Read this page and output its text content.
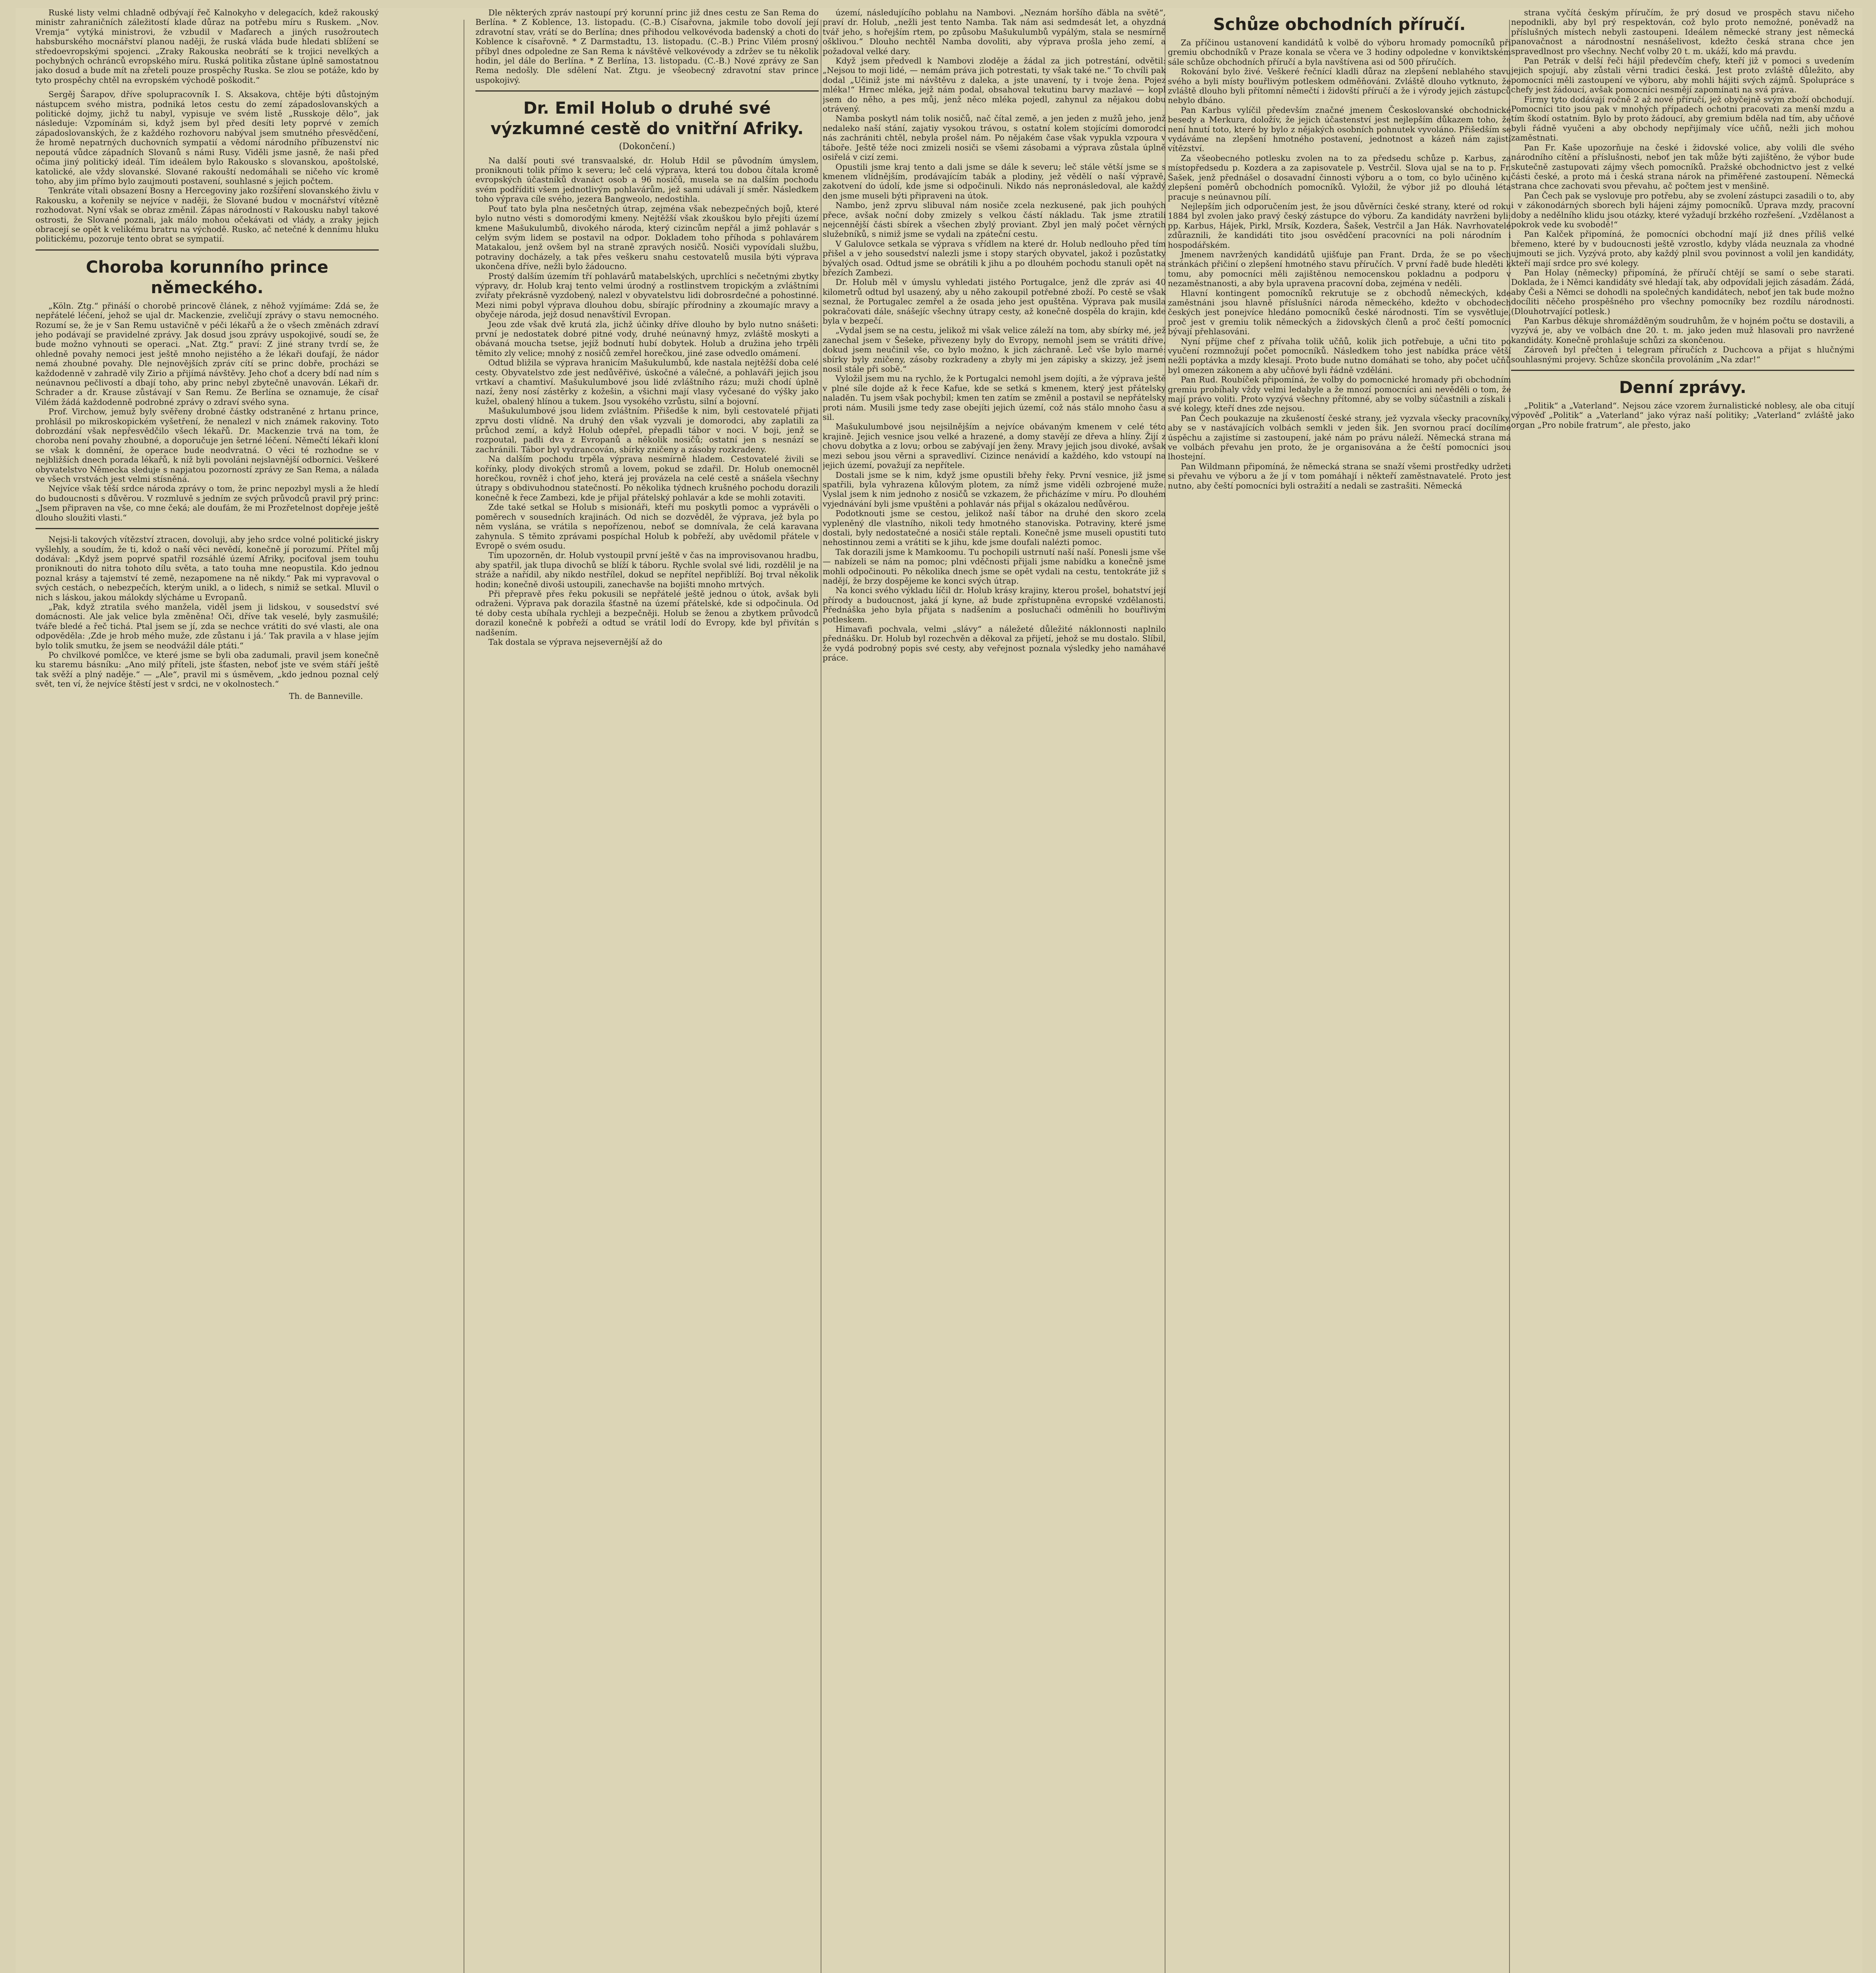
Ruské listy velmi chladně odbývají řeč Kalnokyho v delegacích, kdež rakouský ministr zahraničních záležitostí klade důraz na potřebu míru s Ruskem. „Nov. Vremja“ vytýká ministrovi, že vzbudil v Maďarech a jiných rusožroutech habsburského mocnářství planou naději, že ruská vláda bude hledati sblížení se středoevropskými spojenci. „Zraky Rakouska neobrátí se k trojici nevelkých a pochybných ochránců evropského míru. Ruská politika zůstane úplně samostatnou jako dosud a bude mít na zřeteli pouze prospěchy Ruska. Se zlou se potáže, kdo by tyto prospěchy chtěl na evropském východě poškodit.“

Sergěj Šarapov, dříve spolupracovník I. S. Aksakova, chtěje býti důstojným nástupcem svého mistra, podniká letos cestu do zemí západoslovanských a politické dojmy, jichž tu nabyl, vypisuje ve svém listě „Russkoje dělo“, jak následuje: Vzpomínám si, když jsem byl před desíti lety poprvé v zemích západoslovanských, že z každého rozhovoru nabýval jsem smutného přesvědčení, že hromě nepatrných duchovních sympatií a vědomí národního příbuzenství nic nepoutá vůdce západních Slovanů s námi Rusy. Viděli jsme jasně, že naši před očima jiný politický ideál. Tím ideálem bylo Rakousko s slovanskou, apoštolské, katolické, ale vždy slovanské. Slované rakouští nedomáhali se ničeho víc kromě toho, aby jim přímo bylo zaujmouti postavení, souhlasné s jejich počtem.

Tenkráte vítali obsazení Bosny a Hercegoviny jako rozšíření slovanského živlu v Rakousku, a kořenily se nejvíce v naději, že Slované budou v mocnářství vítězně rozhodovat. Nyní však se obraz změnil. Zápas národností v Rakousku nabyl takové ostrosti, že Slované poznali, jak málo mohou očekávati od vlády, a zraky jejich obracejí se opět k velikému bratru na východě. Rusko, ač netečné k dennímu hluku politickému, pozoruje tento obrat se sympatií.

Choroba korunního prince německého.

„Köln. Ztg.“ přináší o chorobě princově článek, z něhož vyjímáme: Zdá se, že nepřátelé léčení, jehož se ujal dr. Mackenzie, zveličují zprávy o stavu nemocného. Rozumí se, že je v San Remu ustavičně v péči lékařů a že o všech změnách zdraví jeho podávají se pravidelné zprávy. Jak dosud jsou zprávy uspokojivé, soudí se, že bude možno vyhnouti se operaci. „Nat. Ztg.“ praví: Z jiné strany tvrdí se, že ohledně povahy nemoci jest ještě mnoho nejistého a že lékaři doufají, že nádor nemá zhoubné povahy. Dle nejnovějších zpráv cítí se princ dobře, procházi se každodenně v zahradě vily Zirio a přijímá návštěvy. Jeho choť a dcery bdí nad ním s neúnavnou pečlivostí a dbají toho, aby princ nebyl zbytečně unavován. Lékaři dr. Schrader a dr. Krause zůstávají v San Remu. Ze Berlína se oznamuje, že císař Vilém žádá každodenně podrobné zprávy o zdraví svého syna.

Prof. Virchow, jemuž byly svěřeny drobné částky odstraněné z hrtanu prince, prohlásil po mikroskopickém vyšetření, že nenalezl v nich známek rakoviny. Toto dobrozdání však nepřesvědčilo všech lékařů. Dr. Mackenzie trvá na tom, že choroba není povahy zhoubné, a doporučuje jen šetrné léčení. Němečtí lékaři kloní se však k domnění, že operace bude neodvratná. O věci té rozhodne se v nejbližších dnech porada lékařů, k níž byli povoláni nejslavnější odborníci. Veškeré obyvatelstvo Německa sleduje s napjatou pozorností zprávy ze San Rema, a nálada ve všech vrstvách jest velmi stísněná.

Nejvíce však těší srdce národa zprávy o tom, že princ nepozbyl mysli a že hledí do budoucnosti s důvěrou. V rozmluvě s jedním ze svých průvodců pravil prý princ: „Jsem připraven na vše, co mne čeká; ale doufám, že mi Prozřetelnost dopřeje ještě dlouho sloužiti vlasti.“

Nejsi-li takových vítězství ztracen, dovoluji, aby jeho srdce volné politické jiskry vyšlehly, a soudím, že ti, kdož o naší věci nevědí, konečně jí porozumí. Přítel můj dodával: „Když jsem poprvé spatřil rozsáhlé území Afriky, pociťoval jsem touhu proniknouti do nitra tohoto dílu světa, a tato touha mne neopustila. Kdo jednou poznal krásy a tajemství té země, nezapomene na ně nikdy.“ Pak mi vypravoval o svých cestách, o nebezpečích, kterým unikl, a o lidech, s nimiž se setkal. Mluvil o nich s láskou, jakou málokdy slýcháme u Evropanů.

„Pak, když ztratila svého manžela, viděl jsem ji lidskou, v sousedství své domácnosti. Ale jak velice byla změněna! Oči, dříve tak veselé, byly zasmušilé; tváře bledé a řeč tichá. Ptal jsem se jí, zda se nechce vrátiti do své vlasti, ale ona odpověděla: ‚Zde je hrob mého muže, zde zůstanu i já.‘ Tak pravila a v hlase jejím bylo tolik smutku, že jsem se neodvážil dále ptáti.“

Po chvilkové pomlčce, ve které jsme se byli oba zadumali, pravil jsem konečně ku staremu básníku: „Ano milý příteli, jste šťasten, neboť jste ve svém stáří ještě tak svěží a plný naděje.“ — „Ale“, pravil mi s úsměvem, „kdo jednou poznal celý svět, ten ví, že nejvíce štěstí jest v srdci, ne v okolnostech.“

Th. de Banneville.

Dle některých zpráv nastoupí prý korunní princ již dnes cestu ze San Rema do Berlína. * Z Koblence, 13. listopadu. (C.-B.) Císařovna, jakmile tobo dovolí její zdravotní stav, vrátí se do Berlína; dnes přihodou velkovévoda badenský a choti do Koblence k císařovně. * Z Darmstadtu, 13. listopadu. (C.-B.) Princ Vilém prosný příbyl dnes odpoledne ze San Rema k návštěvě velkovévody a zdržev se tu několik hodin, jel dále do Berlína. * Z Berlína, 13. listopadu. (C.-B.) Nové zprávy ze San Rema nedošly. Dle sdělení Nat. Ztgu. je všeobecný zdravotní stav prince uspokojivý.

Dr. Emil Holub o druhé své výzkumné cestě do vnitřní Afriky.

(Dokončení.)

Na další pouti své transvaalské, dr. Holub Hdil se původním úmyslem, proniknouti tolik přímo k severu; leč celá výprava, která tou dobou čítala kromě evropských účastníků dvanáct osob a 96 nosičů, musela se na dalším pochodu svém podříditi všem jednotlivým pohlavárům, jež sami udávali jí směr. Následkem toho výprava cíle svého, jezera Bangweolo, nedostihla.

Pouť tato byla plna nesčetných útrap, zejména však nebezpečných bojů, které bylo nutno vésti s domorodými kmeny. Nejtěžší však zkouškou bylo přejíti území kmene Mašukulumbů, divokého národa, který cizincům nepřál a jimž pohlavár s celým svým lidem se postavil na odpor. Dokladem toho příhoda s pohlavárem Matakalou, jenž ovšem byl na straně zpravých nosičů. Nosiči vypovídali službu, potraviny docházely, a tak přes veškeru snahu cestovatelů musila býti výprava ukončena dříve, nežli bylo žádoucno.

Prostý dalším územím tří pohlavárů matabelských, uprchlíci s nečetnými zbytky výpravy, dr. Holub kraj tento velmi úrodný a rostlinstvem tropickým a zvláštními zvířaty překrásně vyzdobený, nalezl v obyvatelstvu lidi dobrosrdečné a pohostinné. Mezi nimi pobyl výprava dlouhou dobu, sbírajíc přírodniny a zkoumajíc mravy a obyčeje národa, jejž dosud nenavštívil Evropan.

Jeou zde však dvě krutá zla, jichž účinky dříve dlouho by bylo nutno snášeti: první je nedostatek dobré pitné vody, druhé neúnavný hmyz, zvláště moskyti a obávaná moucha tsetse, jejíž bodnutí hubí dobytek. Holub a družina jeho trpěli těmito zly velice; mnohý z nosičů zemřel horečkou, jiné zase odvedlo omámení.

Odtud bližila se výprava hranicím Mašukulumbů, kde nastala nejtěžší doba celé cesty. Obyvatelstvo zde jest nedůvěřivé, úskočné a válečné, a pohlaváři jejich jsou vrtkaví a chamtiví. Mašukulumbové jsou lidé zvláštního rázu; muži chodí úplně nazí, ženy nosí zástěrky z kožešin, a všichni mají vlasy vyčesané do výšky jako kužel, obalený hlínou a tukem. Jsou vysokého vzrůstu, silní a bojovní.

Mašukulumbové jsou lidem zvláštním. Přišedše k nim, byli cestovatelé přijati zprvu dosti vlídně. Na druhý den však vyzvali je domorodci, aby zaplatili za průchod zemí, a když Holub odepřel, přepadli tábor v noci. V boji, jenž se rozpoutal, padli dva z Evropanů a několik nosičů; ostatní jen s nesnází se zachránili. Tábor byl vydrancován, sbírky zničeny a zásoby rozkradeny.

Na dalším pochodu trpěla výprava nesmírně hladem. Cestovatelé živili se kořínky, plody divokých stromů a lovem, pokud se zdařil. Dr. Holub onemocněl horečkou, rovněž i choť jeho, která jej provázela na celé cestě a snášela všechny útrapy s obdivuhodnou statečností. Po několika týdnech krušného pochodu dorazili konečně k řece Zambezi, kde je přijal přátelský pohlavár a kde se mohli zotaviti.

Zde také setkal se Holub s misionáři, kteří mu poskytli pomoc a vyprávěli o poměrech v sousedních krajinách. Od nich se dozvěděl, že výprava, jež byla po něm vyslána, se vrátila s nepořízenou, neboť se domnívala, že celá karavana zahynula. S těmito zprávami pospíchal Holub k pobřeží, aby uvědomil přátele v Evropě o svém osudu.

Tím upozorněn, dr. Holub vystoupil první ještě v čas na improvisovanou hradbu, aby spatřil, jak tlupa divochů se blíží k táboru. Rychle svolal své lidi, rozdělil je na stráže a nařídil, aby nikdo nestřílel, dokud se nepřítel nepřiblíží. Boj trval několik hodin; konečně divoši ustoupili, zanechavše na bojišti mnoho mrtvých.

Při přepravě přes řeku pokusili se nepřátelé ještě jednou o útok, avšak byli odraženi. Výprava pak dorazila šťastně na území přátelské, kde si odpočinula. Od té doby cesta ubíhala rychleji a bezpečněji. Holub se ženou a zbytkem průvodců dorazil konečně k pobřeží a odtud se vrátil lodí do Evropy, kde byl přivítán s nadšením.

Tak dostala se výprava nejsevernější až do

území, následujícího poblahu na Nambovi. „Neznám horšího ďábla na světě“, praví dr. Holub, „nežli jest tento Namba. Tak nám asi sedmdesát let, a ohyzdná tvář jeho, s hořejším rtem, po způsobu Mašukulumbů vypálým, stala se nesmírně ošklivou.“ Dlouho nechtěl Namba dovoliti, aby výprava prošla jeho zemí, a požadoval velké dary.

Když jsem předvedl k Nambovi zloděje a žádal za jich potrestání, odvětil: „Nejsou to moji lidé, — nemám práva jich potrestati, ty však také ne.“ To chvíli pak dodal „Učiniž jste mi návštěvu z daleka, a jste unavení, ty i tvoje žena. Pojez mléka!“ Hrnec mléka, jejž nám podal, obsahoval tekutinu barvy mazlavé — kopl jsem do něho, a pes můj, jenž něco mléka pojedl, zahynul za nějakou dobu otrávený.

Namba poskytl nám tolik nosičů, nač čítal země, a jen jeden z mužů jeho, jenž nedaleko naší stání, zajatiy vysokou trávou, s ostatní kolem stojícími domorodci nás zachrániti chtěl, nebyla prošel nám. Po nějakém čase však vypukla vzpoura v táboře. Ještě téže noci zmizeli nosiči se všemi zásobami a výprava zůstala úplně osiřelá v cizí zemi.

Opustili jsme kraj tento a dali jsme se dále k severu; leč stále větší jsme se s kmenem vlídnějším, prodávajícím tabák a plodiny, jež vědělí o naší výpravě, zakotvení do údolí, kde jsme si odpočinuli. Nikdo nás nepronásledoval, ale každý den jsme museli býti připraveni na útok.

Nambo, jenž zprvu slibuval nám nosiče zcela nezkusené, pak jich pouhých přece, avšak noční doby zmizely s velkou částí nákladu. Tak jsme ztratili nejcennější části sbírek a všechen zbylý proviant. Zbyl jen malý počet věrných služebníků, s nimiž jsme se vydali na zpáteční cestu.

V Galulovce setkala se výprava s vřídlem na které dr. Holub nedlouho před tím přišel a v jeho sousedství nalezli jsme i stopy starých obyvatel, jakož i pozůstatky bývalých osad. Odtud jsme se obrátili k jihu a po dlouhém pochodu stanuli opět na březích Zambezi.

Dr. Holub měl v úmyslu vyhledati jistého Portugalce, jenž dle zpráv asi 40 kilometrů odtud byl usazený, aby u něho zakoupil potřebné zboží. Po cestě se však seznal, že Portugalec zemřel a že osada jeho jest opuštěna. Výprava pak musila pokračovati dále, snášejíc všechny útrapy cesty, až konečně dospěla do krajin, kde byla v bezpečí.

„Vydal jsem se na cestu, jelikož mi však velice záleží na tom, aby sbírky mé, jež zanechal jsem v Šešeke, přivezeny byly do Evropy, nemohl jsem se vrátiti dříve, dokud jsem neučinil vše, co bylo možno, k jich záchraně. Leč vše bylo marné: sbírky byly zničeny, zásoby rozkradeny a zbyly mi jen zápisky a skizzy, jež jsem nosil stále při sobě.“

Vyložil jsem mu na rychlo, že k Portugalci nemohl jsem dojíti, a že výprava ještě v plné síle dojde až k řece Kafue, kde se setká s kmenem, který jest přátelsky naladěn. Tu jsem však pochybil; kmen ten zatím se změnil a postavil se nepřátelsky proti nám. Musili jsme tedy zase obejíti jejich území, což nás stálo mnoho času a sil.

Mašukulumbové jsou nejsilnějším a nejvíce obávaným kmenem v celé této krajině. Jejich vesnice jsou velké a hrazené, a domy stavějí ze dřeva a hlíny. Žijí z chovu dobytka a z lovu; orbou se zabývají jen ženy. Mravy jejich jsou divoké, avšak mezi sebou jsou věrni a spravedliví. Cizince nenávidí a každého, kdo vstoupí na jejich území, považují za nepřítele.

Dostali jsme se k nim, když jsme opustili břehy řeky. První vesnice, již jsme spatřili, byla vyhrazena kůlovým plotem, za nímž jsme viděli ozbrojené muže. Vyslal jsem k nim jednoho z nosičů se vzkazem, že přicházíme v míru. Po dlouhém vyjednávání byli jsme vpuštěni a pohlavár nás přijal s okázalou nedůvěrou.

Podotknouti jsme se cestou, jelikož naší tábor na druhé den skoro zcela vypleněný dle vlastního, nikoli tedy hmotného stanoviska. Potraviny, které jsme dostali, byly nedostatečné a nosiči stále reptali. Konečně jsme museli opustiti tuto nehostinnou zemi a vrátiti se k jihu, kde jsme doufali nalézti pomoc.

Tak dorazili jsme k Mamkoomu. Tu pochopili ustrnutí naší naší. Ponesli jsme vše — nabízeli se nám na pomoc; plni vděčnosti přijali jsme nabídku a konečně jsme mohli odpočinouti. Po několika dnech jsme se opět vydali na cestu, tentokráte již s nadějí, že brzy dospějeme ke konci svých útrap.

Na konci svého výkladu líčil dr. Holub krásy krajiny, kterou prošel, bohatství její přírody a budoucnost, jaká jí kyne, až bude zpřístupněna evropské vzdělanosti. Přednáška jeho byla přijata s nadšením a posluchači odměnili ho bouřlivým potleskem.

Himavafi pochvala, velmi „slávy“ a náležeté důležité náklonnosti naplnilo přednášku. Dr. Holub byl rozechvěn a děkoval za přijetí, jehož se mu dostalo. Slíbil, že vydá podrobný popis své cesty, aby veřejnost poznala výsledky jeho namáhavé práce.

Schůze obchodních příručí.

Za příčinou ustanovení kandidátů k volbě do výboru hromady pomocníků při gremiu obchodníků v Praze konala se včera ve 3 hodiny odpoledne v konviktském sále schůze obchodních příručí a byla navštívena asi od 500 příručích.

Rokování bylo živé. Veškeré řečnící kladli důraz na zlepšení neblahého stavu svého a byli místy bouřlivým potleskem odměňováni. Zvláště dlouho vytknuto, že zvláště dlouho byli přítomní němečtí i židovští příručí a že i výrody jejich zástupců nebylo dbáno.

Pan Karbus vylíčil především značné jmenem Českoslovanské obchodnické besedy a Merkura, doložív, že jejich účastenství jest nejlepším důkazem toho, že není hnutí toto, které by bylo z nějakých osobních pohnutek vyvoláno. Přišedším se vydáváme na zlepšení hmotného postavení, jednotnost a kázeň nám zajistí vítězství.

Za všeobecného potlesku zvolen na to za předsedu schůze p. Karbus, za místopředsedu p. Kozdera a za zapisovatele p. Vestrčil. Slova ujal se na to p. Fr. Šašek, jenž přednášel o dosavadní činnosti výboru a o tom, co bylo učiněno ku zlepšení poměrů obchodních pomocníků. Vyložil, že výbor již po dlouhá léta pracuje s neúnavnou pílí.

Nejlepším jich odporučením jest, že jsou důvěrníci české strany, které od roku 1884 byl zvolen jako pravý český zástupce do výboru. Za kandidáty navrženi byli: pp. Karbus, Hájek, Pirkl, Mrsík, Kozdera, Šašek, Vestrčil a Jan Hák. Navrhovatelé zdůraznili, že kandidáti tito jsou osvědčení pracovníci na poli národním i hospodářském.

Jmenem navržených kandidátů ujišťuje pan Frant. Drda, že se po všech stránkách přičiní o zlepšení hmotného stavu příručích. V první řadě bude hleděti k tomu, aby pomocníci měli zajištěnou nemocenskou pokladnu a podporu v nezaměstnanosti, a aby byla upravena pracovní doba, zejména v neděli.

Hlavní kontingent pomocníků rekrutuje se z obchodů německých, kde zaměstnáni jsou hlavně příslušníci národa německého, kdežto v obchodech českých jest ponejvíce hledáno pomocníků české národnosti. Tím se vysvětluje, proč jest v gremiu tolik německých a židovských členů a proč čeští pomocníci bývají přehlasováni.

Nyní příjme chef z přívaha tolik učňů, kolik jich potřebuje, a učni tito po vyučení rozmnožují počet pomocníků. Následkem toho jest nabídka práce větší nežli poptávka a mzdy klesají. Proto bude nutno domáhati se toho, aby počet učňů byl omezen zákonem a aby učňové byli řádně vzděláni.

Pan Rud. Roubíček připomíná, že volby do pomocnické hromady při obchodním gremiu probíhaly vždy velmi ledabyle a že mnozí pomocníci ani nevěděli o tom, že mají právo voliti. Proto vyzývá všechny přítomné, aby se volby súčastnili a získali i své kolegy, kteří dnes zde nejsou.

Pan Čech poukazuje na zkušeností české strany, jež vyzvala všecky pracovníky, aby se v nastávajících volbách semkli v jeden šik. Jen svornou prací docílíme úspěchu a zajistíme si zastoupení, jaké nám po právu náleží. Německá strana má ve volbách převahu jen proto, že je organisována a že čeští pomocníci jsou lhostejní.

Pan Wildmann připomíná, že německá strana se snaží všemi prostředky udržeti si převahu ve výboru a že jí v tom pomáhají i někteří zaměstnavatelé. Proto jest nutno, aby čeští pomocníci byli ostražití a nedali se zastrašiti. Německá

strana vyčítá českým příručím, že prý dosud ve prospěch stavu ničeho nepodnikli, aby byl prý respektován, což bylo proto nemožné, poněvadž na příslušných místech nebyli zastoupeni. Ideálem německé strany jest německá panovačnost a národnostní nesnášelivost, kdežto česká strana chce jen spravedlnost pro všechny. Nechť volby 20 t. m. ukáží, kdo má pravdu.

Pan Petrák v delší řeči hájil předevčím chefy, kteří již v pomoci s uvedením jejich spojují, aby zůstali věrni tradici česká. Jest proto zvláště důležito, aby pomocníci měli zastoupení ve výboru, aby mohli hájiti svých zájmů. Spolupráce s chefy jest žádoucí, avšak pomocníci nesmějí zapomínati na svá práva.

Firmy tyto dodávají ročně 2 až nové příručí, jež obyčejně svým zboží obchodují. Pomocníci tito jsou pak v mnohých případech ochotni pracovati za menší mzdu a tím škodí ostatním. Bylo by proto žádoucí, aby gremium bděla nad tím, aby učňové byli řádně vyučeni a aby obchody nepřijímaly více učňů, nežli jich mohou zaměstnati.

Pan Fr. Kaše upozorňuje na české i židovské volice, aby volili dle svého národního cítění a příslušnosti, neboť jen tak může býti zajištěno, že výbor bude skutečně zastupovati zájmy všech pomocníků. Pražské obchodnictvo jest z velké části české, a proto má i česká strana nárok na přiměřené zastoupení. Německá strana chce zachovati svou převahu, ač počtem jest v menšině.

Pan Čech pak se vyslovuje pro potřebu, aby se zvolení zástupci zasadili o to, aby i v zákonodárných sborech byli hájeni zájmy pomocníků. Úprava mzdy, pracovní doby a nedělního klidu jsou otázky, které vyžadují brzkého rozřešení. „Vzdělanost a pokrok vede ku svobodě!“

Pan Kalček připomíná, že pomocníci obchodní mají již dnes příliš velké břemeno, které by v budoucnosti ještě vzrostlo, kdyby vláda neuznala za vhodné ujmouti se jich. Vyzývá proto, aby každý plnil svou povinnost a volil jen kandidáty, kteří mají srdce pro své kolegy.

Pan Holay (německy) připomíná, že příručí chtějí se samí o sebe starati. Doklada, že i Němci kandidáty své hledají tak, aby odpovídali jejich zásadám. Žádá, aby Češi a Němci se dohodli na společných kandidátech, neboť jen tak bude možno docíliti něčeho prospěšného pro všechny pomocníky bez rozdílu národnosti. (Dlouhotrvající potlesk.)

Pan Karbus děkuje shromážděným soudruhům, že v hojném počtu se dostavili, a vyzývá je, aby ve volbách dne 20. t. m. jako jeden muž hlasovali pro navržené kandidáty. Konečně prohlašuje schůzi za skončenou.

Zároveň byl přečten i telegram příručích z Duchcova a přijat s hlučnými souhlasnými projevy. Schůze skončila provoláním „Na zdar!“

Denní zprávy.

„Politik“ a „Vaterland“. Nejsou záce vzorem žurnalistické noblesy, ale oba citují výpověď „Politik“ a „Vaterland“ jako výraz naší politiky; „Vaterland“ zvláště jako organ „Pro nobile fratrum“, ale přesto, jako
